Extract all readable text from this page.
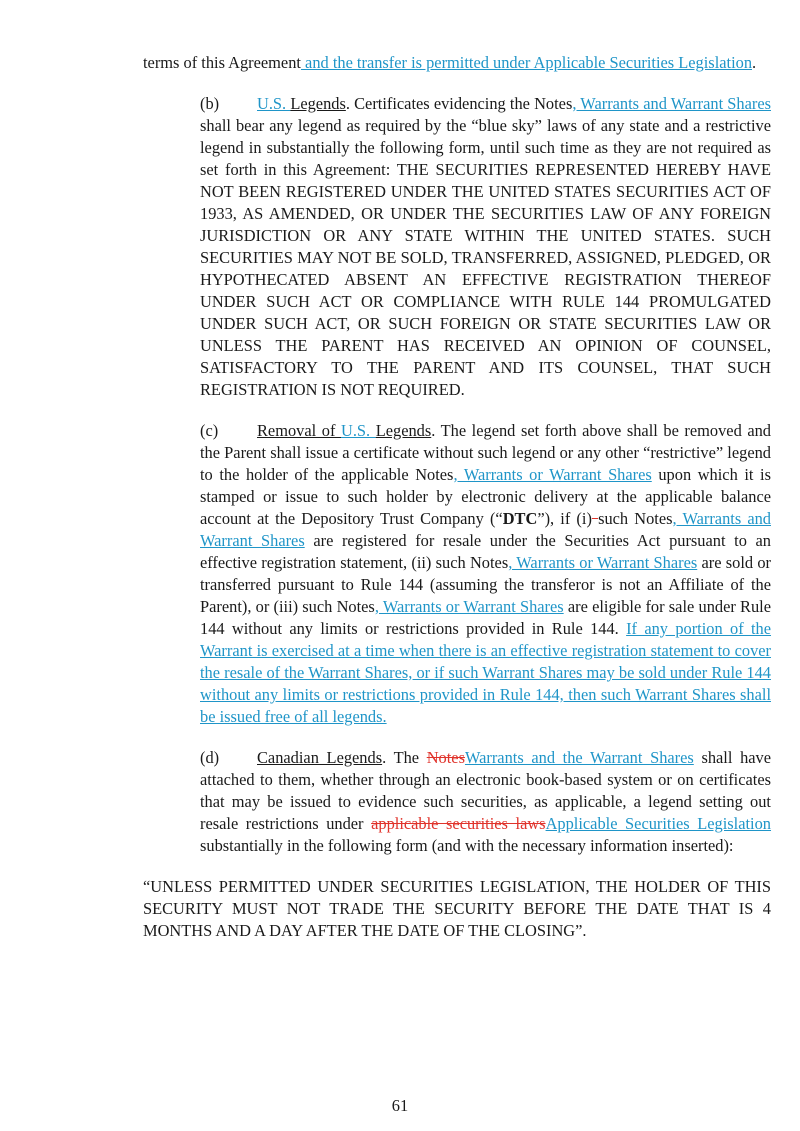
terms of this Agreement and the transfer is permitted under Applicable Securities Legislation.

(b) U.S. Legends. Certificates evidencing the Notes, Warrants and Warrant Shares shall bear any legend as required by the “blue sky” laws of any state and a restrictive legend in substantially the following form, until such time as they are not required as set forth in this Agreement: THE SECURITIES REPRESENTED HEREBY HAVE NOT BEEN REGISTERED UNDER THE UNITED STATES SECURITIES ACT OF 1933, AS AMENDED, OR UNDER THE SECURITIES LAW OF ANY FOREIGN JURISDICTION OR ANY STATE WITHIN THE UNITED STATES. SUCH SECURITIES MAY NOT BE SOLD, TRANSFERRED, ASSIGNED, PLEDGED, OR HYPOTHECATED ABSENT AN EFFECTIVE REGISTRATION THEREOF UNDER SUCH ACT OR COMPLIANCE WITH RULE 144 PROMULGATED UNDER SUCH ACT, OR SUCH FOREIGN OR STATE SECURITIES LAW OR UNLESS THE PARENT HAS RECEIVED AN OPINION OF COUNSEL, SATISFACTORY TO THE PARENT AND ITS COUNSEL, THAT SUCH REGISTRATION IS NOT REQUIRED.

(c) Removal of U.S. Legends. The legend set forth above shall be removed and the Parent shall issue a certificate without such legend or any other “restrictive” legend to the holder of the applicable Notes, Warrants or Warrant Shares upon which it is stamped or issue to such holder by electronic delivery at the applicable balance account at the Depository Trust Company (“DTC”), if (i) such Notes, Warrants and Warrant Shares are registered for resale under the Securities Act pursuant to an effective registration statement, (ii) such Notes, Warrants or Warrant Shares are sold or transferred pursuant to Rule 144 (assuming the transferor is not an Affiliate of the Parent), or (iii) such Notes, Warrants or Warrant Shares are eligible for sale under Rule 144 without any limits or restrictions provided in Rule 144. If any portion of the Warrant is exercised at a time when there is an effective registration statement to cover the resale of the Warrant Shares, or if such Warrant Shares may be sold under Rule 144 without any limits or restrictions provided in Rule 144, then such Warrant Shares shall be issued free of all legends.

(d) Canadian Legends. The NotesWarrants and the Warrant Shares shall have attached to them, whether through an electronic book-based system or on certificates that may be issued to evidence such securities, as applicable, a legend setting out resale restrictions under applicable securities lawsApplicable Securities Legislation substantially in the following form (and with the necessary information inserted):

“UNLESS PERMITTED UNDER SECURITIES LEGISLATION, THE HOLDER OF THIS SECURITY MUST NOT TRADE THE SECURITY BEFORE THE DATE THAT IS 4 MONTHS AND A DAY AFTER THE DATE OF THE CLOSING”.

61
